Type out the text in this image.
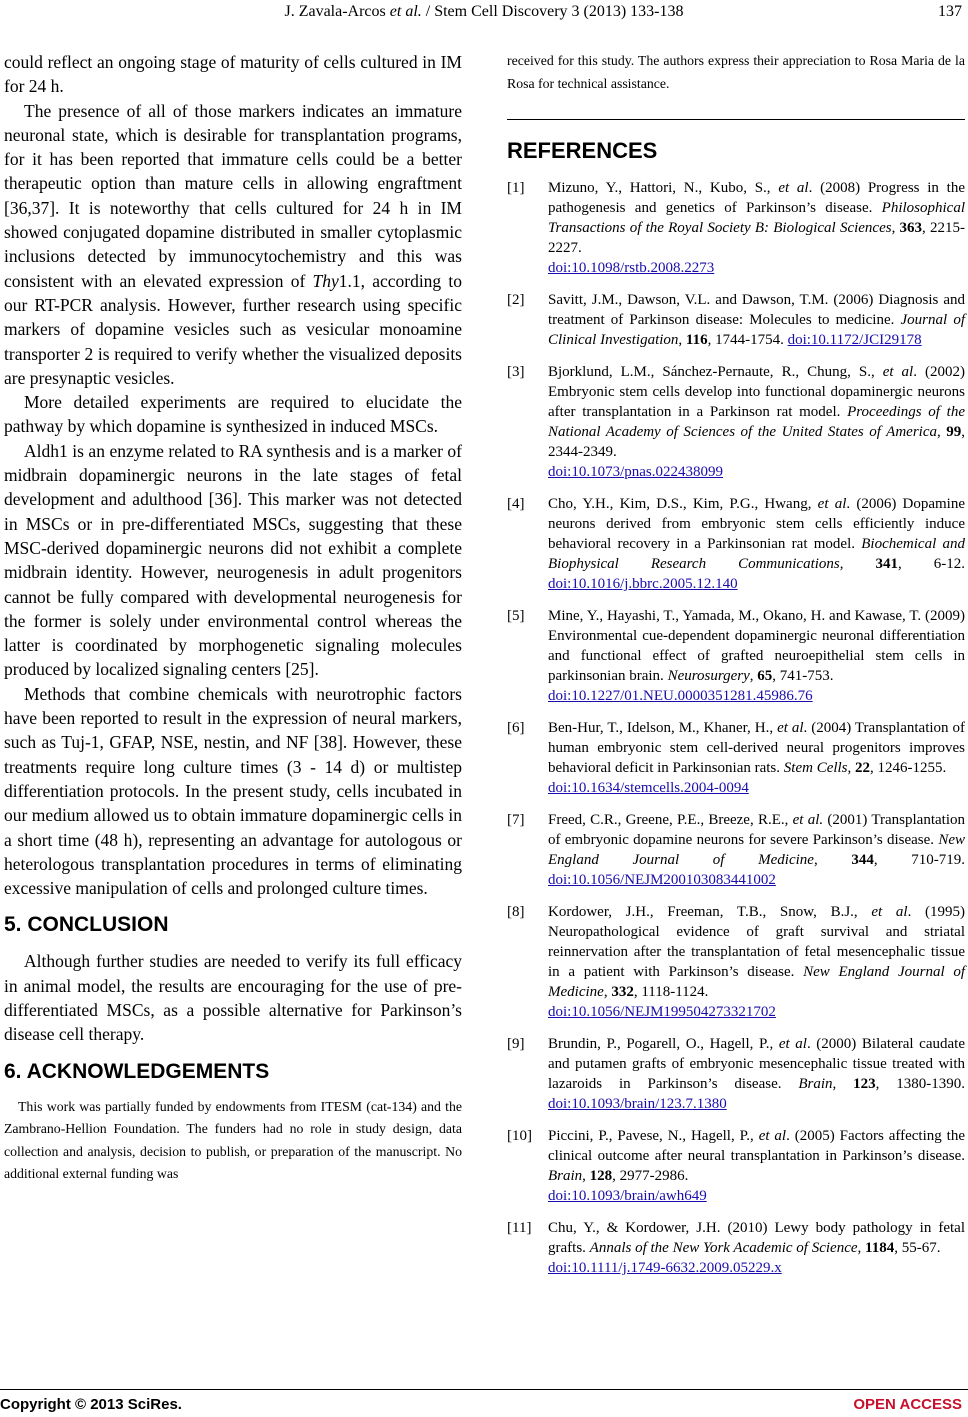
J. Zavala-Arcos et al. / Stem Cell Discovery 3 (2013) 133-138	137

could reflect an ongoing stage of maturity of cells cultured in IM for 24 h.

The presence of all of those markers indicates an immature neuronal state, which is desirable for transplantation programs, for it has been reported that immature cells could be a better therapeutic option than mature cells in allowing engraftment [36,37]. It is noteworthy that cells cultured for 24 h in IM showed conjugated dopamine distributed in smaller cytoplasmic inclusions detected by immunocytochemistry and this was consistent with an elevated expression of Thy1.1, according to our RT-PCR analysis. However, further research using specific markers of dopamine vesicles such as vesicular monoamine transporter 2 is required to verify whether the visualized deposits are presynaptic vesicles.

More detailed experiments are required to elucidate the pathway by which dopamine is synthesized in induced MSCs.

Aldh1 is an enzyme related to RA synthesis and is a marker of midbrain dopaminergic neurons in the late stages of fetal development and adulthood [36]. This marker was not detected in MSCs or in pre-differentiated MSCs, suggesting that these MSC-derived dopaminergic neurons did not exhibit a complete midbrain identity. However, neurogenesis in adult progenitors cannot be fully compared with developmental neurogenesis for the former is solely under environmental control whereas the latter is coordinated by morphogenetic signaling molecules produced by localized signaling centers [25].

Methods that combine chemicals with neurotrophic factors have been reported to result in the expression of neural markers, such as Tuj-1, GFAP, NSE, nestin, and NF [38]. However, these treatments require long culture times (3 - 14 d) or multistep differentiation protocols. In the present study, cells incubated in our medium allowed us to obtain immature dopaminergic cells in a short time (48 h), representing an advantage for autologous or heterologous transplantation procedures in terms of eliminating excessive manipulation of cells and prolonged culture times.

5. CONCLUSION

Although further studies are needed to verify its full efficacy in animal model, the results are encouraging for the use of pre-differentiated MSCs, as a possible alternative for Parkinson’s disease cell therapy.

6. ACKNOWLEDGEMENTS

This work was partially funded by endowments from ITESM (cat-134) and the Zambrano-Hellion Foundation. The funders had no role in study design, data collection and analysis, decision to publish, or preparation of the manuscript. No additional external funding was

received for this study. The authors express their appreciation to Rosa Maria de la Rosa for technical assistance.

REFERENCES
[1] Mizuno, Y., Hattori, N., Kubo, S., et al. (2008) Progress in the pathogenesis and genetics of Parkinson’s disease. Philosophical Transactions of the Royal Society B: Biological Sciences, 363, 2215-2227.
doi:10.1098/rstb.2008.2273
[2] Savitt, J.M., Dawson, V.L. and Dawson, T.M. (2006) Diagnosis and treatment of Parkinson disease: Molecules to medicine. Journal of Clinical Investigation, 116, 1744-1754. doi:10.1172/JCI29178
[3] Bjorklund, L.M., Sánchez-Pernaute, R., Chung, S., et al. (2002) Embryonic stem cells develop into functional dopaminergic neurons after transplantation in a Parkinson rat model. Proceedings of the National Academy of Sciences of the United States of America, 99, 2344-2349.
doi:10.1073/pnas.022438099
[4] Cho, Y.H., Kim, D.S., Kim, P.G., Hwang, et al. (2006) Dopamine neurons derived from embryonic stem cells efficiently induce behavioral recovery in a Parkinsonian rat model. Biochemical and Biophysical Research Communications, 341, 6-12. doi:10.1016/j.bbrc.2005.12.140
[5] Mine, Y., Hayashi, T., Yamada, M., Okano, H. and Kawase, T. (2009) Environmental cue-dependent dopaminergic neuronal differentiation and functional effect of grafted neuroepithelial stem cells in parkinsonian brain. Neurosurgery, 65, 741-753.
doi:10.1227/01.NEU.0000351281.45986.76
[6] Ben-Hur, T., Idelson, M., Khaner, H., et al. (2004) Transplantation of human embryonic stem cell-derived neural progenitors improves behavioral deficit in Parkinsonian rats. Stem Cells, 22, 1246-1255.
doi:10.1634/stemcells.2004-0094
[7] Freed, C.R., Greene, P.E., Breeze, R.E., et al. (2001) Transplantation of embryonic dopamine neurons for severe Parkinson’s disease. New England Journal of Medicine, 344, 710-719. doi:10.1056/NEJM200103083441002
[8] Kordower, J.H., Freeman, T.B., Snow, B.J., et al. (1995) Neuropathological evidence of graft survival and striatal reinnervation after the transplantation of fetal mesencephalic tissue in a patient with Parkinson’s disease. New England Journal of Medicine, 332, 1118-1124.
doi:10.1056/NEJM199504273321702
[9] Brundin, P., Pogarell, O., Hagell, P., et al. (2000) Bilateral caudate and putamen grafts of embryonic mesencephalic tissue treated with lazaroids in Parkinson’s disease. Brain, 123, 1380-1390. doi:10.1093/brain/123.7.1380
[10] Piccini, P., Pavese, N., Hagell, P., et al. (2005) Factors affecting the clinical outcome after neural transplantation in Parkinson’s disease. Brain, 128, 2977-2986.
doi:10.1093/brain/awh649
[11] Chu, Y., & Kordower, J.H. (2010) Lewy body pathology in fetal grafts. Annals of the New York Academic of Science, 1184, 55-67.
doi:10.1111/j.1749-6632.2009.05229.x
Copyright © 2013 SciRes.	OPEN ACCESS
